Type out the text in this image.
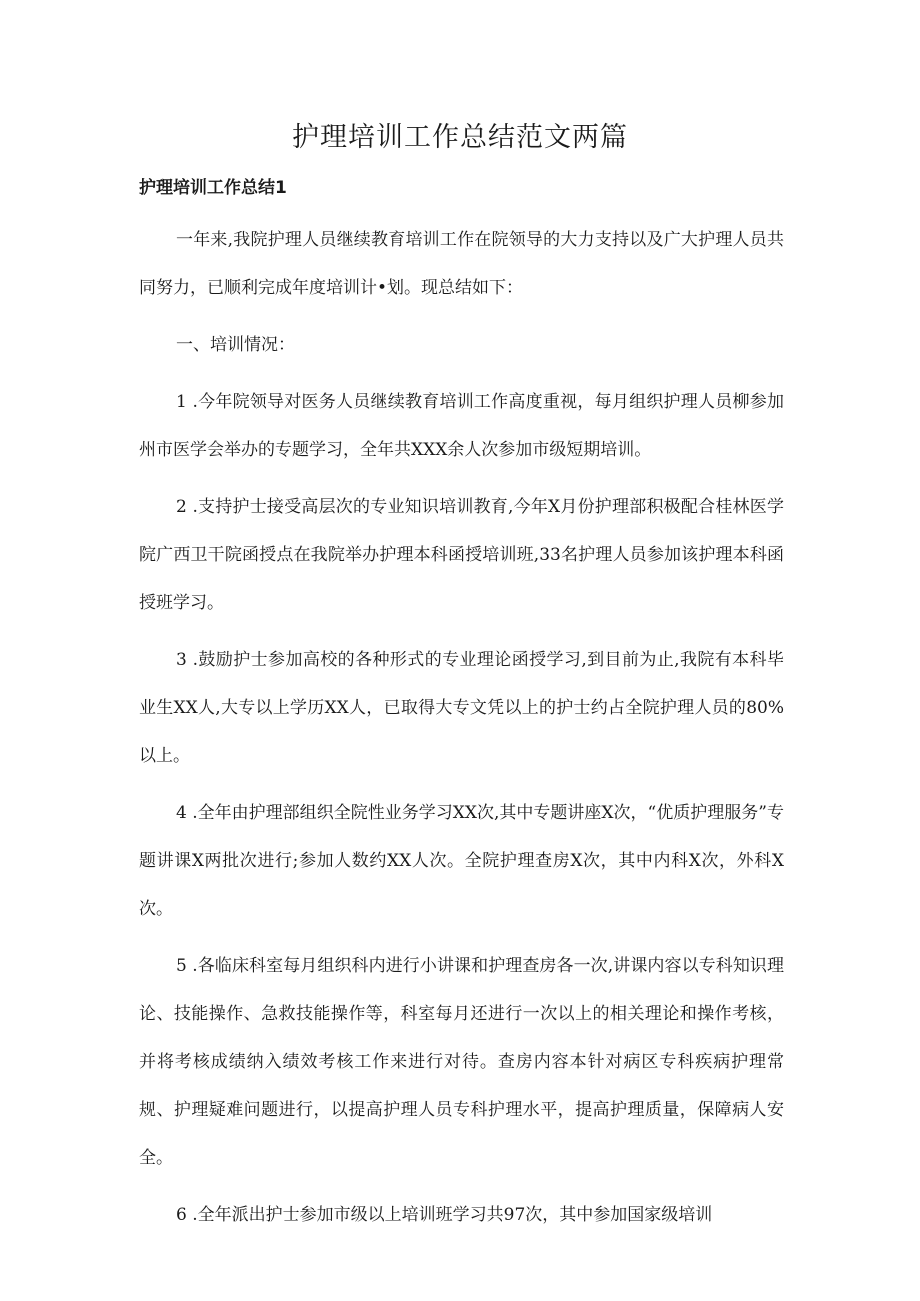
护理培训工作总结范文两篇
护理培训工作总结1

一年来,我院护理人员继续教育培训工作在院领导的大力支持以及广大护理人员共同努力，已顺利完成年度培训计•划。现总结如下：

一、培训情况：

1 .今年院领导对医务人员继续教育培训工作高度重视，每月组织护理人员柳参加州市医学会举办的专题学习，全年共XXX余人次参加市级短期培训。

2 .支持护士接受高层次的专业知识培训教育,今年X月份护理部积极配合桂林医学院广西卫干院函授点在我院举办护理本科函授培训班,33名护理人员参加该护理本科函授班学习。

3 .鼓励护士参加高校的各种形式的专业理论函授学习,到目前为止,我院有本科毕业生XX人,大专以上学历XX人，已取得大专文凭以上的护士约占全院护理人员的80%以上。

4 .全年由护理部组织全院性业务学习XX次,其中专题讲座X次，“优质护理服务”专题讲课X两批次进行;参加人数约XX人次。全院护理查房X次，其中内科X次，外科X次。

5 .各临床科室每月组织科内进行小讲课和护理查房各一次,讲课内容以专科知识理论、技能操作、急救技能操作等，科室每月还进行一次以上的相关理论和操作考核，并将考核成绩纳入绩效考核工作来进行对待。查房内容本针对病区专科疾病护理常规、护理疑难问题进行，以提高护理人员专科护理水平，提高护理质量，保障病人安全。

6 .全年派出护士参加市级以上培训班学习共97次，其中参加国家级培训
